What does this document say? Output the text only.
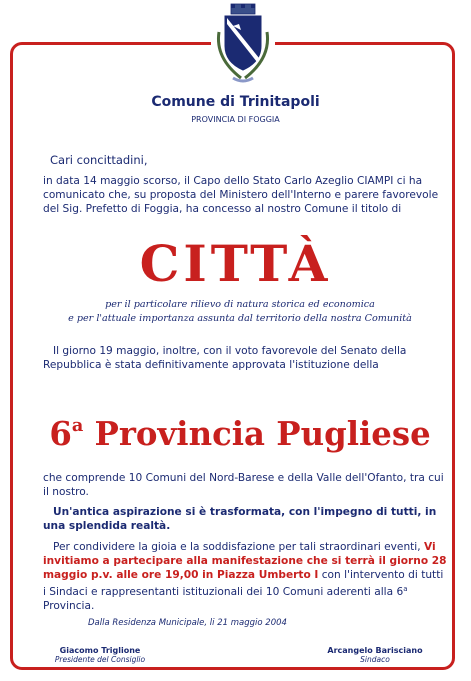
Comune di Trinitapoli
PROVINCIA DI FOGGIA
Cari concittadini,
in data 14 maggio scorso, il Capo dello Stato Carlo Azeglio CIAMPI ci ha comunicato che, su proposta del Ministero dell'Interno e parere favorevole del Sig. Prefetto di Foggia, ha concesso al nostro Comune il titolo di
CITTÀ
per il particolare rilievo di natura storica ed economica
e per l'attuale importanza assunta dal territorio della nostra Comunità
Il giorno 19 maggio, inoltre, con il voto favorevole del Senato della Repubblica è stata definitivamente approvata l'istituzione della
6$^a$ Provincia Pugliese
che comprende 10 Comuni del Nord-Barese e della Valle dell'Ofanto, tra cui il nostro.
Un'antica aspirazione si è trasformata, con l'impegno di tutti, in una splendida realtà.
Per condividere la gioia e la soddisfazione per tali straordinari eventi, Vi invitiamo a partecipare alla manifestazione che si terrà il giorno 28 maggio p.v. alle ore 19,00 in Piazza Umberto I con l'intervento di tutti i Sindaci e rappresentanti istituzionali dei 10 Comuni aderenti alla 6$^a$ Provincia.
Dalla Residenza Municipale, li 21 maggio 2004
Giacomo Triglione
Presidente del Consiglio
Arcangelo Barisciano
Sindaco
